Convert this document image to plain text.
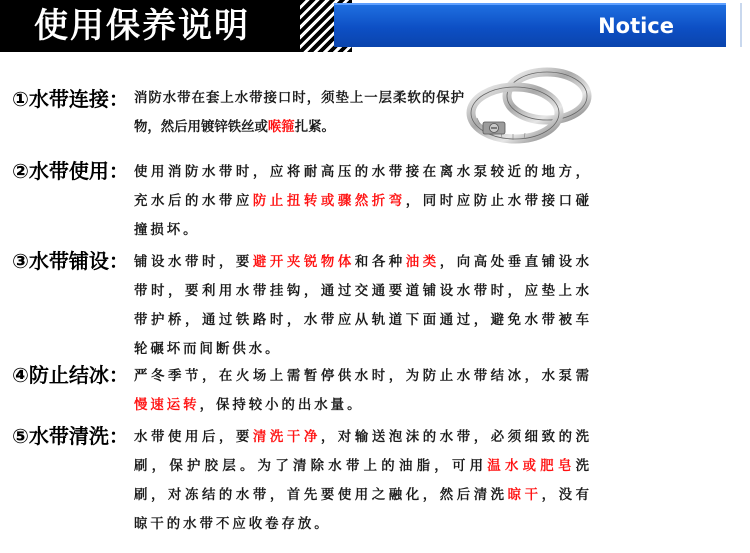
使用保养说明	Notice
①水带连接： 消防水带在套上水带接口时，须垫上一层柔软的保护物，然后用镀锌铁丝或喉箍扎紧。
②水带使用： 使用消防水带时，应将耐高压的水带接在离水泵较近的地方，充水后的水带应防止扭转或骤然折弯，同时应防止水带接口碰撞损坏。
③水带铺设： 铺设水带时，要避开夹锐物体和各种油类，向高处垂直铺设水带时，要利用水带挂钩，通过交通要道铺设水带时，应垫上水带护桥，通过铁路时，水带应从轨道下面通过，避免水带被车轮碾坏而间断供水。
④防止结冰： 严冬季节，在火场上需暂停供水时，为防止水带结冰，水泵需慢速运转，保持较小的出水量。
⑤水带清洗： 水带使用后，要清洗干净，对输送泡沫的水带，必须细致的洗刷，保护胶层。为了清除水带上的油脂，可用温水或肥皂洗刷，对冻结的水带，首先要使用之融化，然后清洗晾干，没有晾干的水带不应收卷存放。
